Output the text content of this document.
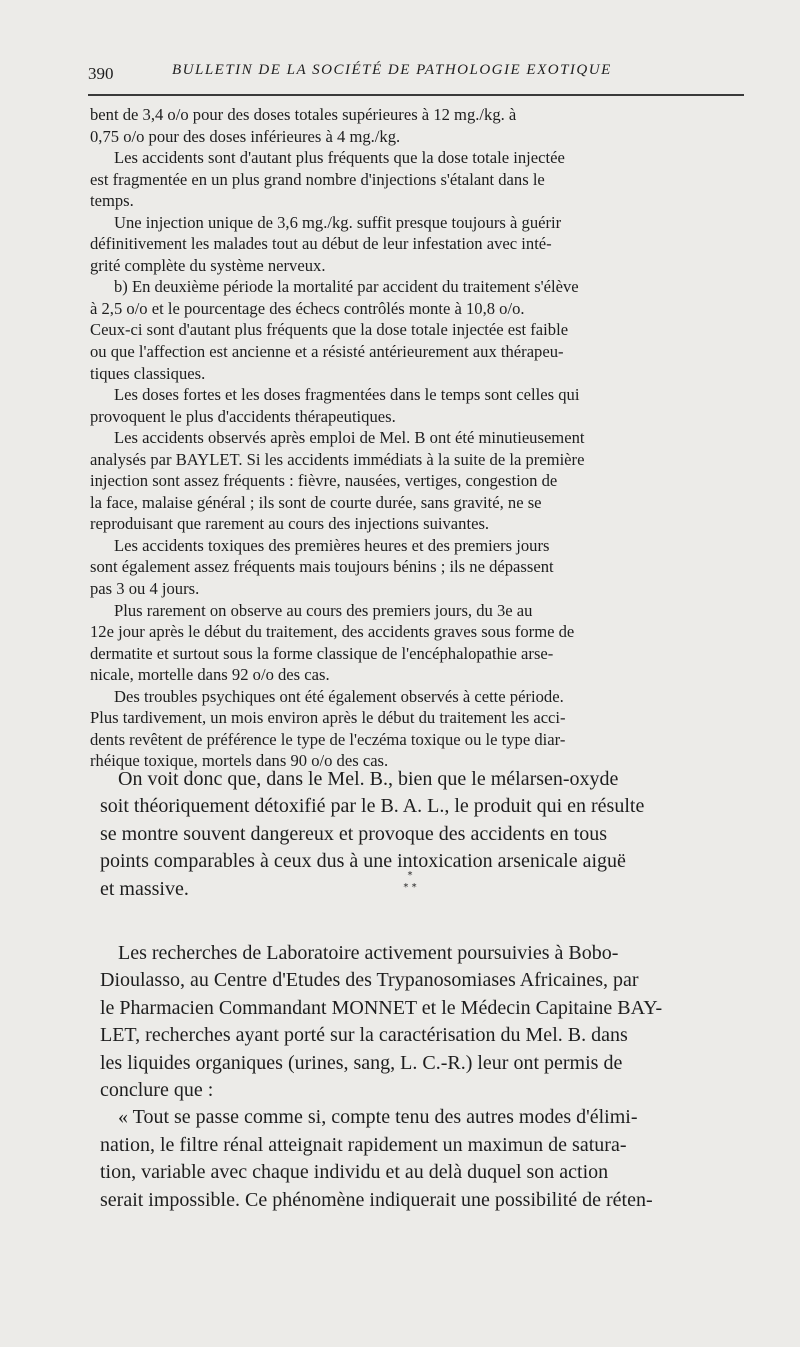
390	BULLETIN DE LA SOCIÉTÉ DE PATHOLOGIE EXOTIQUE
bent de 3,4 o/o pour des doses totales supérieures à 12 mg./kg. à
0,75 o/o pour des doses inférieures à 4 mg./kg.
Les accidents sont d'autant plus fréquents que la dose totale injectée
est fragmentée en un plus grand nombre d'injections s'étalant dans le
temps.
Une injection unique de 3,6 mg./kg. suffit presque toujours à guérir
définitivement les malades tout au début de leur infestation avec inté-
grité complète du système nerveux.
b) En deuxième période la mortalité par accident du traitement s'élève
à 2,5 o/o et le pourcentage des échecs contrôlés monte à 10,8 o/o.
Ceux-ci sont d'autant plus fréquents que la dose totale injectée est faible
ou que l'affection est ancienne et a résisté antérieurement aux thérapeu-
tiques classiques.
Les doses fortes et les doses fragmentées dans le temps sont celles qui
provoquent le plus d'accidents thérapeutiques.
Les accidents observés après emploi de Mel. B ont été minutieusement
analysés par BAYLET. Si les accidents immédiats à la suite de la première
injection sont assez fréquents : fièvre, nausées, vertiges, congestion de
la face, malaise général ; ils sont de courte durée, sans gravité, ne se
reproduisant que rarement au cours des injections suivantes.
Les accidents toxiques des premières heures et des premiers jours
sont également assez fréquents mais toujours bénins ; ils ne dépassent
pas 3 ou 4 jours.
Plus rarement on observe au cours des premiers jours, du 3e au
12e jour après le début du traitement, des accidents graves sous forme de
dermatite et surtout sous la forme classique de l'encéphalopathie arse-
nicale, mortelle dans 92 o/o des cas.
Des troubles psychiques ont été également observés à cette période.
Plus tardivement, un mois environ après le début du traitement les acci-
dents revêtent de préférence le type de l'eczéma toxique ou le type diar-
rhéique toxique, mortels dans 90 o/o des cas.
On voit donc que, dans le Mel. B., bien que le mélarsen-oxyde
soit théoriquement détoxifié par le B. A. L., le produit qui en résulte
se montre souvent dangereux et provoque des accidents en tous
points comparables à ceux dus à une intoxication arsenicale aiguë
et massive.
*
* *
Les recherches de Laboratoire activement poursuivies à Bobo-
Dioulasso, au Centre d'Etudes des Trypanosomiases Africaines, par
le Pharmacien Commandant MONNET et le Médecin Capitaine BAY-
LET, recherches ayant porté sur la caractérisation du Mel. B. dans
les liquides organiques (urines, sang, L. C.-R.) leur ont permis de
conclure que :
« Tout se passe comme si, compte tenu des autres modes d'élimi-
nation, le filtre rénal atteignait rapidement un maximun de satura-
tion, variable avec chaque individu et au delà duquel son action
serait impossible. Ce phénomène indiquerait une possibilité de réten-
